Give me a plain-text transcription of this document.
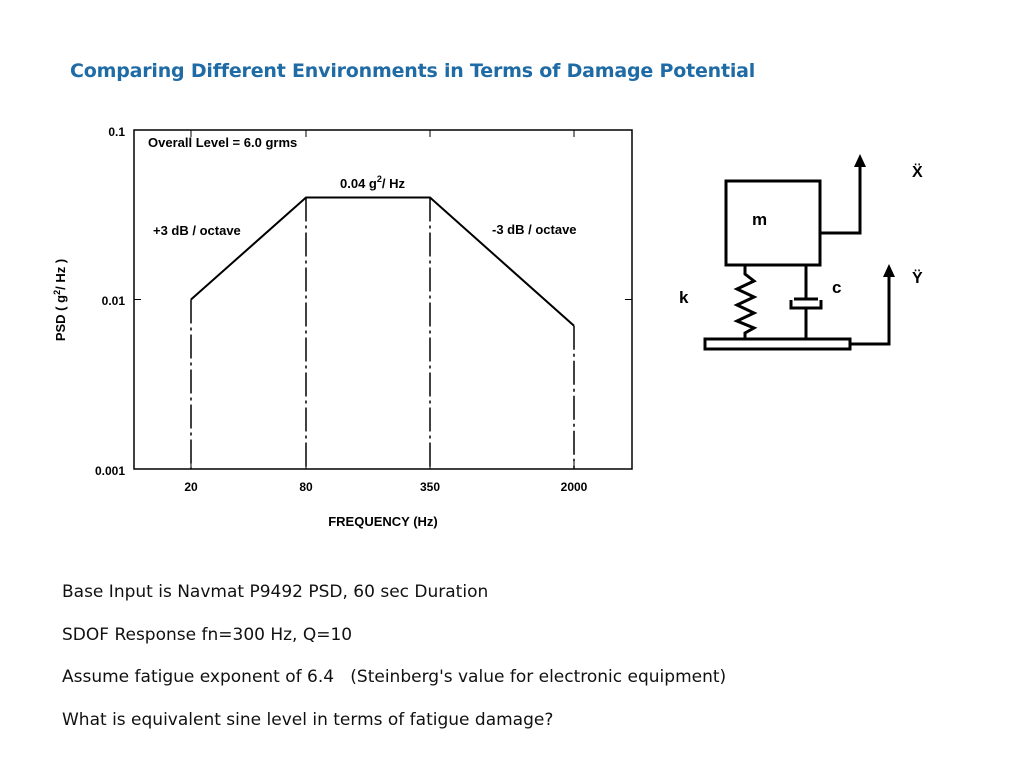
Comparing Different Environments in Terms of Damage Potential
0.1
0.01
0.001
20	80	350	2000
FREQUENCY (Hz)
PSD ( $g^2/$ Hz )
Overall Level = 6.0 grms
0.04 $g^2/$ Hz
+3 dB / octave	-3 dB / octave
m
k
c
Ẍ
Ÿ
Base Input is Navmat P9492 PSD, 60 sec Duration
SDOF Response fn=300 Hz, Q=10
Assume fatigue exponent of 6.4   (Steinberg's value for electronic equipment)
What is equivalent sine level in terms of fatigue damage?
